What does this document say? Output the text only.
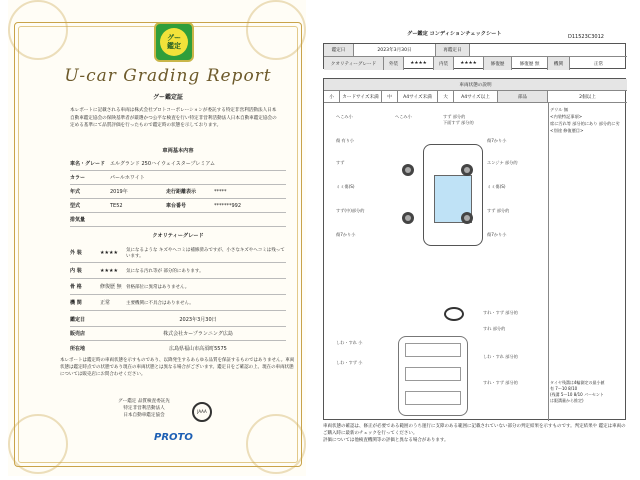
グー
鑑定
U-car Grading Report
グー鑑定証
本レポートに記載される車両は株式会社プロトコーポレーションが委託する特定非営利活動法人日本自動車鑑定協会の保険基準者が厳選かつ公平な検査を行い特定非営利活動法人日本自動車鑑定協会の定める基準にて品質評価を行ったもので鑑定時の状態を示しております。
車両基本内容
車名・グレード エルグランド 250ハイウェイスタープレミアム
カラー	パールホワイト
年式	2019年	走行距離表示	*****
型式	TE52	車台番号	*******992
排気量
クオリティーグレード
外 装	★★★★	気になるような キズやヘコミは補修済みですが、小さなキズやヘコミは残っています。
内 装	★★★★	気になる汚れ等が 部分的にあります。
骨 格	修復歴 無 骨格部位に異常はありません。
機 関	正常	主要機関に不具合はありません。
鑑定日	2023年3月30日
販売店	株式会社カープランニング広島
所在地	広島県福山市高須町5575
本レポートは鑑定時の車両状態を示すものであり、以降発生するあらゆる品質を保証するものではありません。車両状態は鑑定時点での状態であり現在の車両状態とは異なる場合がございます。鑑定日をご確認の上、現在の車両状態については販売店にお問合わせください。
グー鑑定 品質検査委託先
特定非営利活動法人
日本自動車鑑定協会
JAAA
PROTO
グー鑑定 コンディションチェックシート	D11523C3012
鑑定日	2023年3月30日	再鑑定日
クオリティーグレード	外装	★★★★	内装	★★★★	修復歴	修復歴 無	機関	正常
車両状態の説明
小	カードサイズ未満	中	A4サイズ未満	大	A4サイズ以上	部品	2個以上
デリル 無
<内装特記事項>
席に汚れ等 部分的にあり 部分的に劣
<別途 修復歴目>
タイヤ残溝は4輪測定の最小値
有 7〜10 8/10
(残溝 5〜10 8/10 パーセント
は限溝量から推定)
へこみ小
傷 有り小
すず
ミミ傷(S)
すず(中)部分的
傷7かり小
へこみ小	すず 部分的
下面すず 部分的
傷7かり小
エンジナ 部分的
ミミ傷(S)
すず 部分的
傷7かり小
すれ・すず 部分的
すれ 部分的
しわ・すれ 部分的
しわ・すれ 小
しわ・すず 小
すれ・すず 部分的
車両状態の確認は、修正が必要である範囲のうち運行に支障のある範囲に記載されていない部分の判定結果を示すものです。判定結果や 鑑定は車両のご購入時に最新のチェックを行ってください。
評価については他検査機関等の評価と異なる場合があります。
